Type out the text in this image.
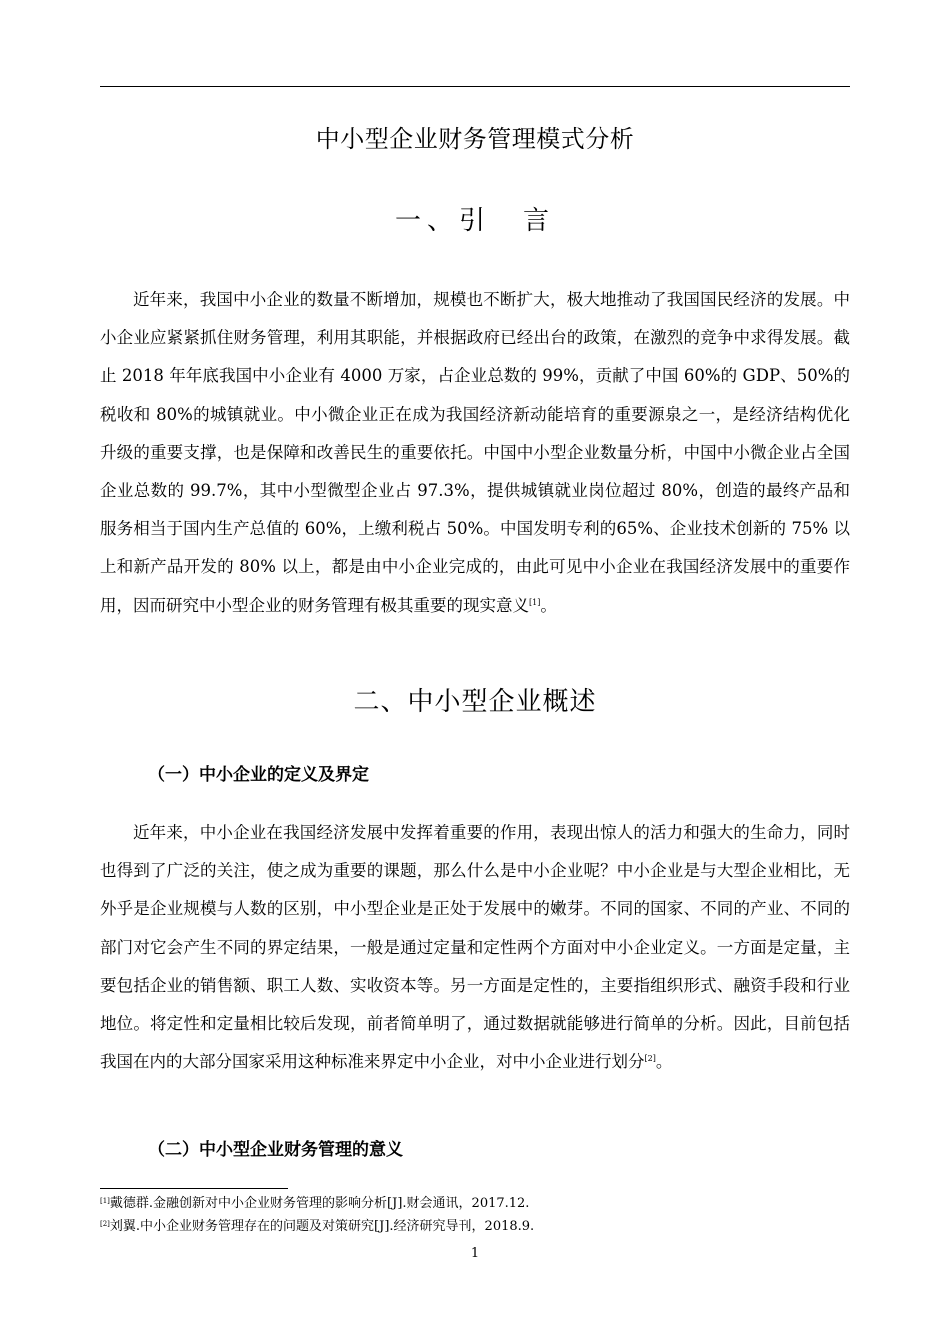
中小型企业财务管理模式分析
一、引　言
近年来，我国中小企业的数量不断增加，规模也不断扩大，极大地推动了我国国民经济的发展。中小企业应紧紧抓住财务管理，利用其职能，并根据政府已经出台的政策，在激烈的竞争中求得发展。截止 2018 年年底我国中小企业有 4000 万家，占企业总数的 99%，贡献了中国 60%的 GDP、50%的税收和 80%的城镇就业。中小微企业正在成为我国经济新动能培育的重要源泉之一，是经济结构优化升级的重要支撑，也是保障和改善民生的重要依托。中国中小型企业数量分析，中国中小微企业占全国企业总数的 99.7%，其中小型微型企业占 97.3%，提供城镇就业岗位超过 80%，创造的最终产品和服务相当于国内生产总值的 60%，上缴利税占 50%。中国发明专利的65%、企业技术创新的 75% 以上和新产品开发的 80% 以上，都是由中小企业完成的，由此可见中小企业在我国经济发展中的重要作用，因而研究中小型企业的财务管理有极其重要的现实意义[1]。
二、中小型企业概述
（一）中小企业的定义及界定
近年来，中小企业在我国经济发展中发挥着重要的作用，表现出惊人的活力和强大的生命力，同时也得到了广泛的关注，使之成为重要的课题，那么什么是中小企业呢？中小企业是与大型企业相比，无外乎是企业规模与人数的区别，中小型企业是正处于发展中的嫩芽。不同的国家、不同的产业、不同的部门对它会产生不同的界定结果，一般是通过定量和定性两个方面对中小企业定义。一方面是定量，主要包括企业的销售额、职工人数、实收资本等。另一方面是定性的，主要指组织形式、融资手段和行业地位。将定性和定量相比较后发现，前者简单明了，通过数据就能够进行简单的分析。因此，目前包括我国在内的大部分国家采用这种标准来界定中小企业，对中小企业进行划分[2]。
（二）中小型企业财务管理的意义
[1]戴德群.金融创新对中小企业财务管理的影响分析[J].财会通讯，2017.12.
[2]刘翼.中小企业财务管理存在的问题及对策研究[J].经济研究导刊，2018.9.
1
